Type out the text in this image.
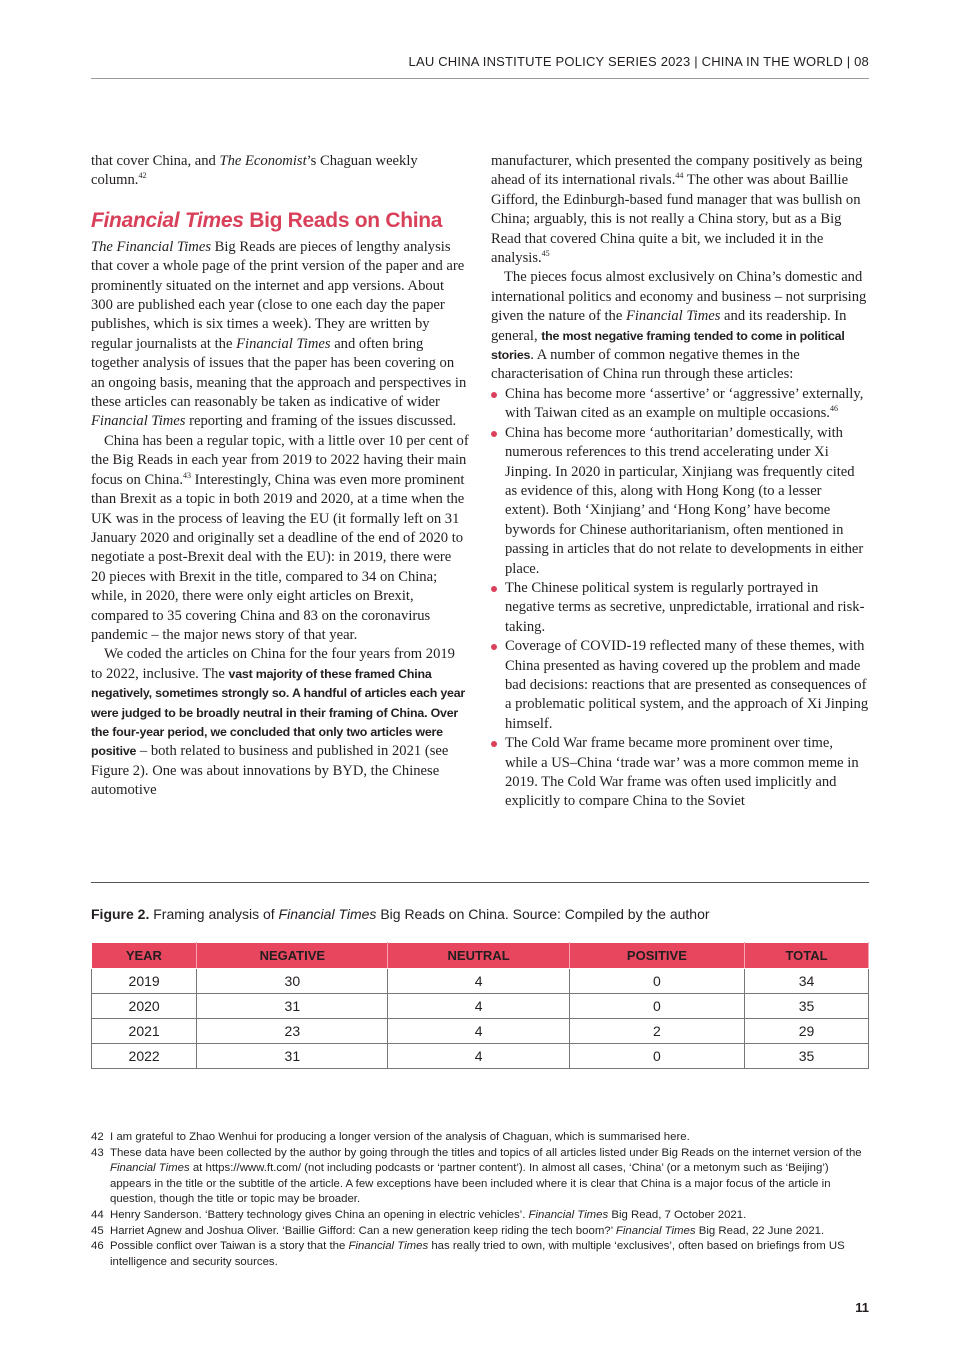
LAU CHINA INSTITUTE POLICY SERIES 2023 | CHINA IN THE WORLD | 08

that cover China, and The Economist’s Chaguan weekly column.$^{42}$

Financial Times Big Reads on China

The Financial Times Big Reads are pieces of lengthy analysis that cover a whole page of the print version of the paper and are prominently situated on the internet and app versions. About 300 are published each year (close to one each day the paper publishes, which is six times a week). They are written by regular journalists at the Financial Times and often bring together analysis of issues that the paper has been covering on an ongoing basis, meaning that the approach and perspectives in these articles can reasonably be taken as indicative of wider Financial Times reporting and framing of the issues discussed.

China has been a regular topic, with a little over 10 per cent of the Big Reads in each year from 2019 to 2022 having their main focus on China.$^{43}$ Interestingly, China was even more prominent than Brexit as a topic in both 2019 and 2020, at a time when the UK was in the process of leaving the EU (it formally left on 31 January 2020 and originally set a deadline of the end of 2020 to negotiate a post-Brexit deal with the EU): in 2019, there were 20 pieces with Brexit in the title, compared to 34 on China; while, in 2020, there were only eight articles on Brexit, compared to 35 covering China and 83 on the coronavirus pandemic – the major news story of that year.

We coded the articles on China for the four years from 2019 to 2022, inclusive. The vast majority of these framed China negatively, sometimes strongly so. A handful of articles each year were judged to be broadly neutral in their framing of China. Over the four-year period, we concluded that only two articles were positive – both related to business and published in 2021 (see Figure 2). One was about innovations by BYD, the Chinese automotive

manufacturer, which presented the company positively as being ahead of its international rivals.$^{44}$ The other was about Baillie Gifford, the Edinburgh-based fund manager that was bullish on China; arguably, this is not really a China story, but as a Big Read that covered China quite a bit, we included it in the analysis.$^{45}$

The pieces focus almost exclusively on China’s domestic and international politics and economy and business – not surprising given the nature of the Financial Times and its readership. In general, the most negative framing tended to come in political stories. A number of common negative themes in the characterisation of China run through these articles:

China has become more ‘assertive’ or ‘aggressive’ externally, with Taiwan cited as an example on multiple occasions.$^{46}$
China has become more ‘authoritarian’ domestically, with numerous references to this trend accelerating under Xi Jinping. In 2020 in particular, Xinjiang was frequently cited as evidence of this, along with Hong Kong (to a lesser extent). Both ‘Xinjiang’ and ‘Hong Kong’ have become bywords for Chinese authoritarianism, often mentioned in passing in articles that do not relate to developments in either place.
The Chinese political system is regularly portrayed in negative terms as secretive, unpredictable, irrational and risk-taking.
Coverage of COVID-19 reflected many of these themes, with China presented as having covered up the problem and made bad decisions: reactions that are presented as consequences of a problematic political system, and the approach of Xi Jinping himself.
The Cold War frame became more prominent over time, while a US–China ‘trade war’ was a more common meme in 2019. The Cold War frame was often used implicitly and explicitly to compare China to the Soviet
Figure 2. Framing analysis of Financial Times Big Reads on China. Source: Compiled by the author
YEAR	NEGATIVE	NEUTRAL	POSITIVE	TOTAL
2019	30	4	0	34
2020	31	4	0	35
2021	23	4	2	29
2022	31	4	0	35
42 I am grateful to Zhao Wenhui for producing a longer version of the analysis of Chaguan, which is summarised here.
43 These data have been collected by the author by going through the titles and topics of all articles listed under Big Reads on the internet version of the Financial Times at https://www.ft.com/ (not including podcasts or ‘partner content’). In almost all cases, ‘China’ (or a metonym such as ‘Beijing’) appears in the title or the subtitle of the article. A few exceptions have been included where it is clear that China is a major focus of the article in question, though the title or topic may be broader.
44 Henry Sanderson. ‘Battery technology gives China an opening in electric vehicles’. Financial Times Big Read, 7 October 2021.
45 Harriet Agnew and Joshua Oliver. ‘Baillie Gifford: Can a new generation keep riding the tech boom?’ Financial Times Big Read, 22 June 2021.
46 Possible conflict over Taiwan is a story that the Financial Times has really tried to own, with multiple ‘exclusives’, often based on briefings from US intelligence and security sources.
11
